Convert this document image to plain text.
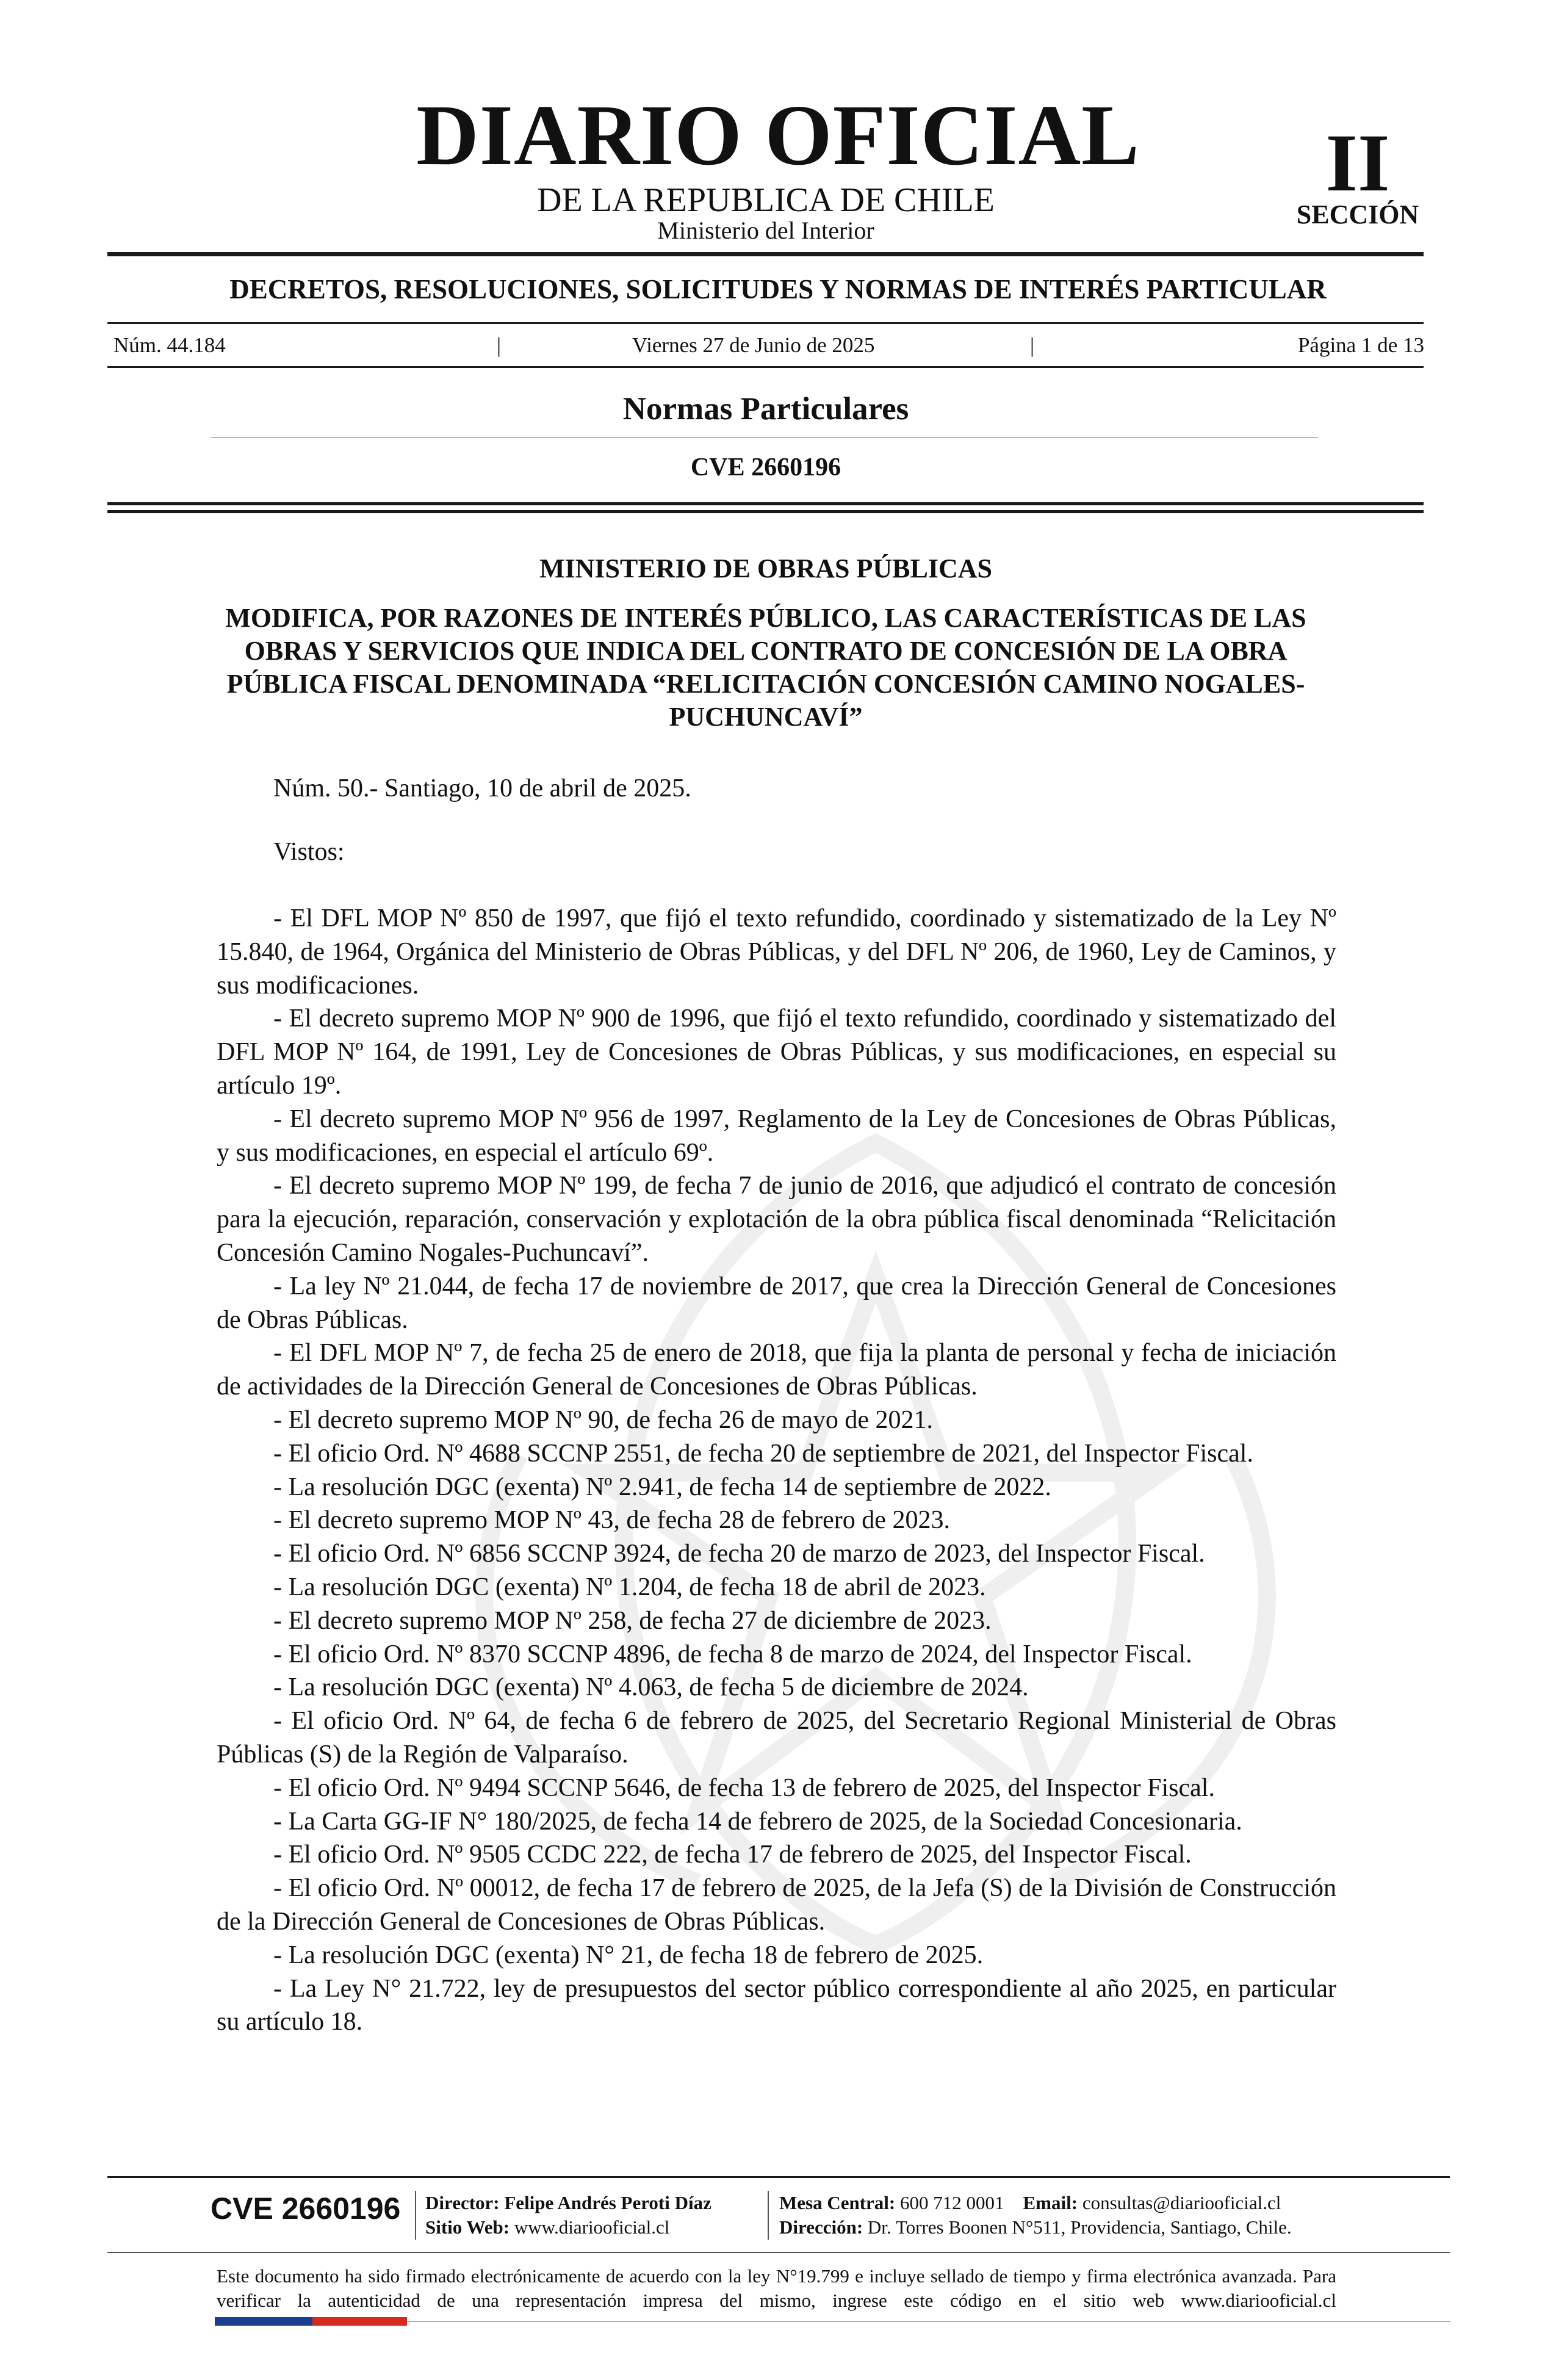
DIARIO OFICIAL
DE LA REPUBLICA DE CHILE
Ministerio del Interior
II
SECCIÓN
DECRETOS, RESOLUCIONES, SOLICITUDES Y NORMAS DE INTERÉS PARTICULAR
Núm. 44.184	|	Viernes 27 de Junio de 2025	|	Página 1 de 13
Normas Particulares
CVE 2660196
MINISTERIO DE OBRAS PÚBLICAS
MODIFICA, POR RAZONES DE INTERÉS PÚBLICO, LAS CARACTERÍSTICAS DE LAS OBRAS Y SERVICIOS QUE INDICA DEL CONTRATO DE CONCESIÓN DE LA OBRA PÚBLICA FISCAL DENOMINADA “RELICITACIÓN CONCESIÓN CAMINO NOGALES-PUCHUNCAVÍ”
Núm. 50.- Santiago, 10 de abril de 2025.
Vistos:
- El DFL MOP Nº 850 de 1997, que fijó el texto refundido, coordinado y sistematizado de la Ley Nº 15.840, de 1964, Orgánica del Ministerio de Obras Públicas, y del DFL Nº 206, de 1960, Ley de Caminos, y sus modificaciones.
- El decreto supremo MOP Nº 900 de 1996, que fijó el texto refundido, coordinado y sistematizado del DFL MOP Nº 164, de 1991, Ley de Concesiones de Obras Públicas, y sus modificaciones, en especial su artículo 19º.
- El decreto supremo MOP Nº 956 de 1997, Reglamento de la Ley de Concesiones de Obras Públicas, y sus modificaciones, en especial el artículo 69º.
- El decreto supremo MOP Nº 199, de fecha 7 de junio de 2016, que adjudicó el contrato de concesión para la ejecución, reparación, conservación y explotación de la obra pública fiscal denominada “Relicitación Concesión Camino Nogales-Puchuncaví”.
- La ley Nº 21.044, de fecha 17 de noviembre de 2017, que crea la Dirección General de Concesiones de Obras Públicas.
- El DFL MOP Nº 7, de fecha 25 de enero de 2018, que fija la planta de personal y fecha de iniciación de actividades de la Dirección General de Concesiones de Obras Públicas.
- El decreto supremo MOP Nº 90, de fecha 26 de mayo de 2021.
- El oficio Ord. Nº 4688 SCCNP 2551, de fecha 20 de septiembre de 2021, del Inspector Fiscal.
- La resolución DGC (exenta) Nº 2.941, de fecha 14 de septiembre de 2022.
- El decreto supremo MOP Nº 43, de fecha 28 de febrero de 2023.
- El oficio Ord. Nº 6856 SCCNP 3924, de fecha 20 de marzo de 2023, del Inspector Fiscal.
- La resolución DGC (exenta) Nº 1.204, de fecha 18 de abril de 2023.
- El decreto supremo MOP Nº 258, de fecha 27 de diciembre de 2023.
- El oficio Ord. Nº 8370 SCCNP 4896, de fecha 8 de marzo de 2024, del Inspector Fiscal.
- La resolución DGC (exenta) Nº 4.063, de fecha 5 de diciembre de 2024.
- El oficio Ord. Nº 64, de fecha 6 de febrero de 2025, del Secretario Regional Ministerial de Obras Públicas (S) de la Región de Valparaíso.
- El oficio Ord. Nº 9494 SCCNP 5646, de fecha 13 de febrero de 2025, del Inspector Fiscal.
- La Carta GG-IF N° 180/2025, de fecha 14 de febrero de 2025, de la Sociedad Concesionaria.
- El oficio Ord. Nº 9505 CCDC 222, de fecha 17 de febrero de 2025, del Inspector Fiscal.
- El oficio Ord. Nº 00012, de fecha 17 de febrero de 2025, de la Jefa (S) de la División de Construcción de la Dirección General de Concesiones de Obras Públicas.
- La resolución DGC (exenta) N° 21, de fecha 18 de febrero de 2025.
- La Ley N° 21.722, ley de presupuestos del sector público correspondiente al año 2025, en particular su artículo 18.
CVE 2660196 Director: Felipe Andrés Peroti Díaz
Sitio Web: www.diariooficial.cl
Mesa Central: 600 712 0001 Email: consultas@diariooficial.cl
Dirección: Dr. Torres Boonen N°511, Providencia, Santiago, Chile.
Este documento ha sido firmado electrónicamente de acuerdo con la ley N°19.799 e incluye sellado de tiempo y firma electrónica avanzada. Para verificar la autenticidad de una representación impresa del mismo, ingrese este código en el sitio web www.diariooficial.cl
